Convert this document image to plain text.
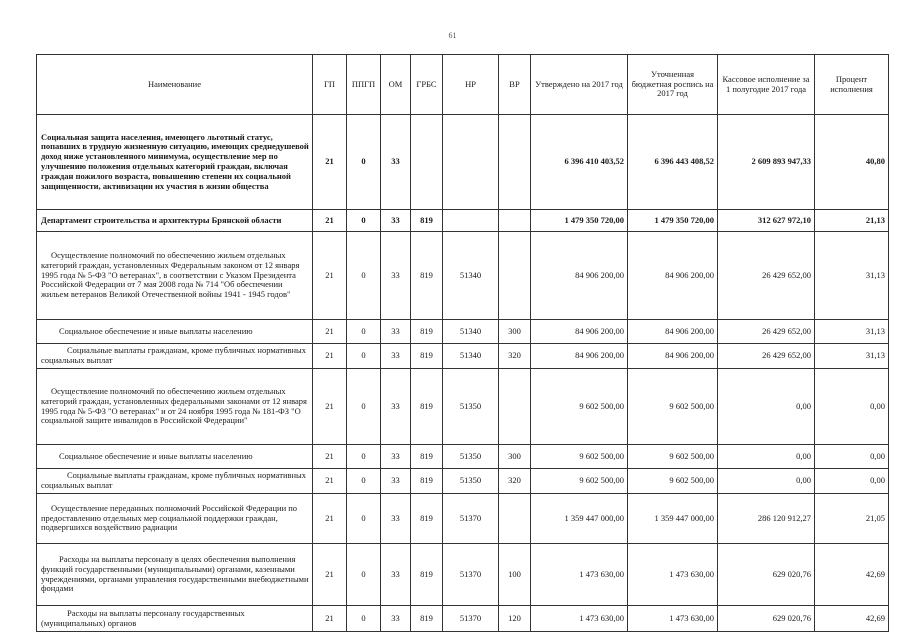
61
Наименование	ГП	ППГП	ОМ	ГРБС	НР	ВР	Утверждено на 2017 год	Уточненная бюджетная роспись на 2017 год	Кассовое исполнение за 1 полугодие 2017 года	Процент исполнения
Социальная защита населения, имеющего льготный статус, попавших в трудную жизненную ситуацию, имеющих среднедушевой доход ниже установленного минимума, осуществление мер по улучшению положения отдельных категорий граждан, включая граждан пожилого возраста, повышению степени их социальной защищенности, активизации их участия в жизни общества	21	0	33				6 396 410 403,52	6 396 443 408,52	2 609 893 947,33	40,80
Департамент строительства и архитектуры Брянской области	21	0	33	819			1 479 350 720,00	1 479 350 720,00	312 627 972,10	21,13
Осуществление полномочий по обеспечению жильем отдельных категорий граждан, установленных Федеральным законом от 12 января 1995 года № 5-ФЗ "О ветеранах", в соответствии с Указом Президента Российской Федерации от 7 мая 2008 года № 714 "Об обеспечении жильем ветеранов Великой Отечественной войны 1941 - 1945 годов"	21	0	33	819	51340		84 906 200,00	84 906 200,00	26 429 652,00	31,13
Социальное обеспечение и иные выплаты населению	21	0	33	819	51340	300	84 906 200,00	84 906 200,00	26 429 652,00	31,13
Социальные выплаты гражданам, кроме публичных нормативных социальных выплат	21	0	33	819	51340	320	84 906 200,00	84 906 200,00	26 429 652,00	31,13
Осуществление полномочий по обеспечению жильем отдельных категорий граждан, установленных федеральными законами от 12 января 1995 года № 5-ФЗ "О ветеранах" и от 24 ноября 1995 года № 181-ФЗ "О социальной защите инвалидов в Российской Федерации"	21	0	33	819	51350		9 602 500,00	9 602 500,00	0,00	0,00
Социальное обеспечение и иные выплаты населению	21	0	33	819	51350	300	9 602 500,00	9 602 500,00	0,00	0,00
Социальные выплаты гражданам, кроме публичных нормативных социальных выплат	21	0	33	819	51350	320	9 602 500,00	9 602 500,00	0,00	0,00
Осуществление переданных полномочий Российской Федерации по предоставлению отдельных мер социальной поддержки граждан, подвергшихся воздействию радиации	21	0	33	819	51370		1 359 447 000,00	1 359 447 000,00	286 120 912,27	21,05
Расходы на выплаты персоналу в целях обеспечения выполнения функций государственными (муниципальными) органами, казенными учреждениями, органами управления государственными внебюджетными фондами	21	0	33	819	51370	100	1 473 630,00	1 473 630,00	629 020,76	42,69
Расходы на выплаты персоналу государственных (муниципальных) органов	21	0	33	819	51370	120	1 473 630,00	1 473 630,00	629 020,76	42,69
